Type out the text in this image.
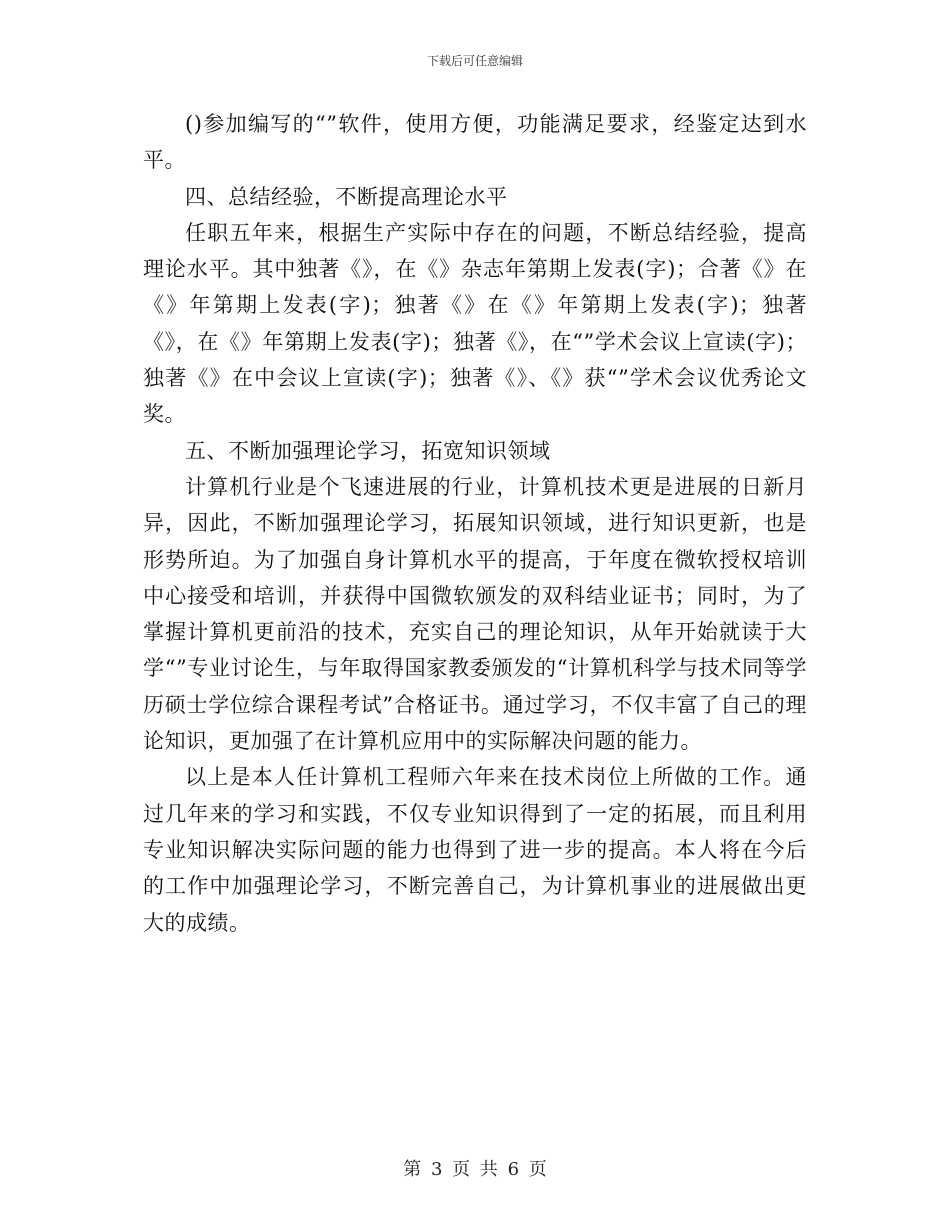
下载后可任意编辑

()参加编写的“”软件，使用方便，功能满足要求，经鉴定达到水平。

四、总结经验，不断提高理论水平

任职五年来，根据生产实际中存在的问题，不断总结经验，提高理论水平。其中独著《》，在《》杂志年第期上发表(字)；合著《》在《》年第期上发表(字)；独著《》在《》年第期上发表(字)；独著《》，在《》年第期上发表(字)；独著《》，在“”学术会议上宣读(字)；独著《》在中会议上宣读(字)；独著《》、《》获“”学术会议优秀论文奖。

五、不断加强理论学习，拓宽知识领域

计算机行业是个飞速进展的行业，计算机技术更是进展的日新月异，因此，不断加强理论学习，拓展知识领域，进行知识更新，也是形势所迫。为了加强自身计算机水平的提高，于年度在微软授权培训中心接受和培训，并获得中国微软颁发的双科结业证书；同时，为了掌握计算机更前沿的技术，充实自己的理论知识，从年开始就读于大学“”专业讨论生，与年取得国家教委颁发的“计算机科学与技术同等学历硕士学位综合课程考试”合格证书。通过学习，不仅丰富了自己的理论知识，更加强了在计算机应用中的实际解决问题的能力。

以上是本人任计算机工程师六年来在技术岗位上所做的工作。通过几年来的学习和实践，不仅专业知识得到了一定的拓展，而且利用专业知识解决实际问题的能力也得到了进一步的提高。本人将在今后的工作中加强理论学习，不断完善自己，为计算机事业的进展做出更大的成绩。

第 3 页 共 6 页
